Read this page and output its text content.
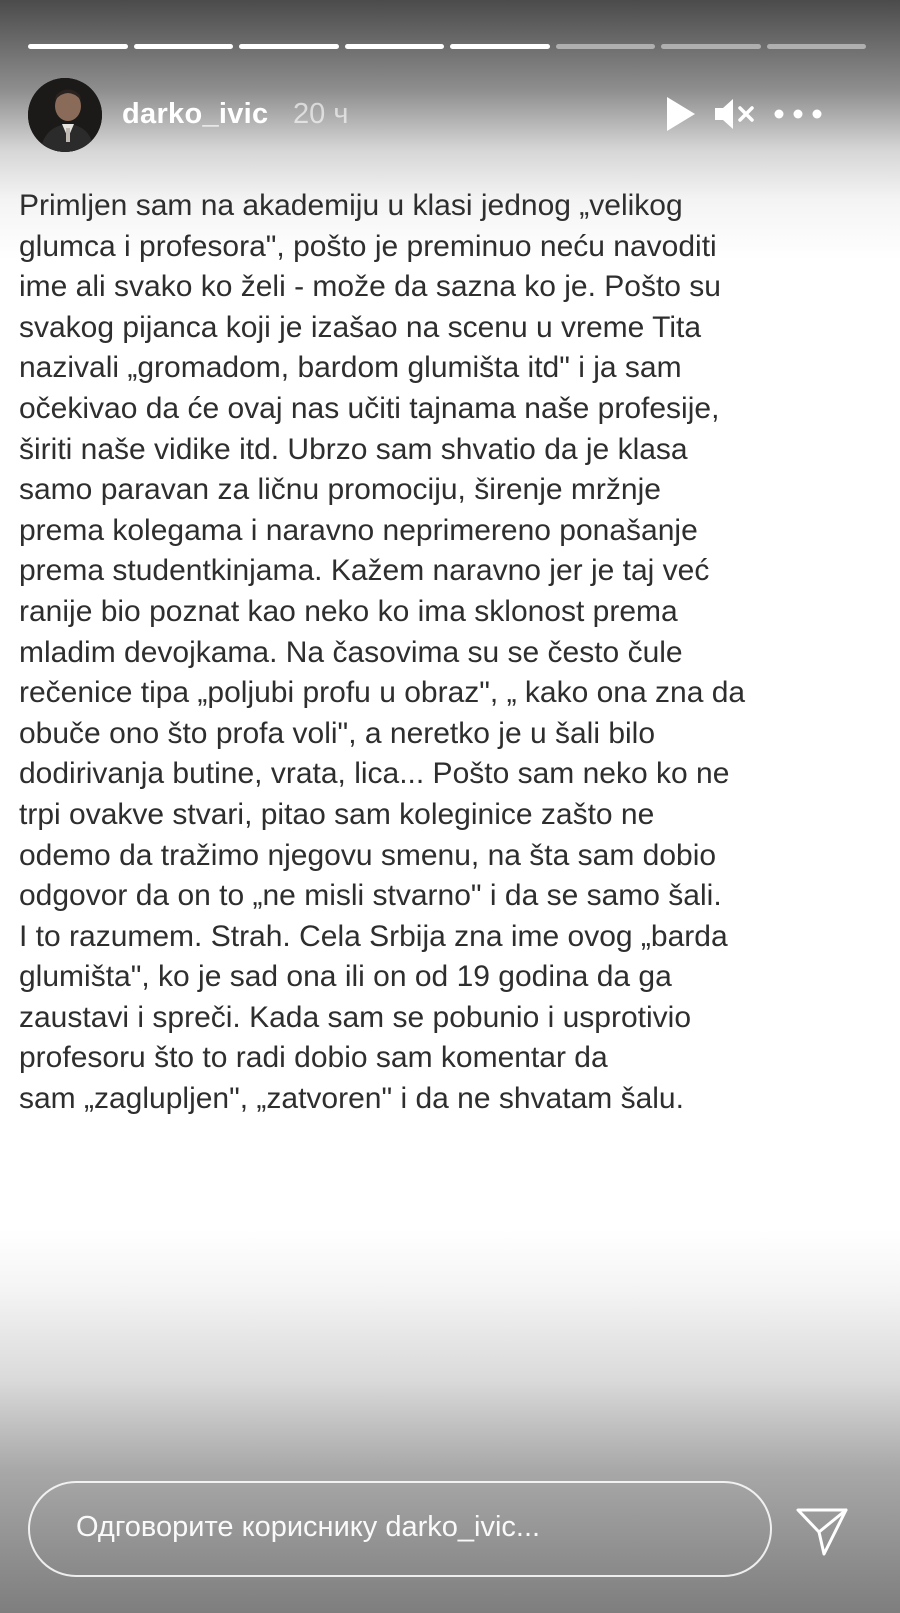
darko_ivic 20 ч

Primljen sam na akademiju u klasi jednog „velikog
glumca i profesora", pošto je preminuo neću navoditi
ime ali svako ko želi - može da sazna ko je. Pošto su
svakog pijanca koji je izašao na scenu u vreme Tita
nazivali „gromadom, bardom glumišta itd" i ja sam
očekivao da će ovaj nas učiti tajnama naše profesije,
širiti naše vidike itd. Ubrzo sam shvatio da je klasa
samo paravan za ličnu promociju, širenje mržnje
prema kolegama i naravno neprimereno ponašanje
prema studentkinjama. Kažem naravno jer je taj već
ranije bio poznat kao neko ko ima sklonost prema
mladim devojkama. Na časovima su se često čule
rečenice tipa „poljubi profu u obraz", „ kako ona zna da
obuče ono što profa voli", a neretko je u šali bilo
dodirivanja butine, vrata, lica... Pošto sam neko ko ne
trpi ovakve stvari, pitao sam koleginice zašto ne
odemo da tražimo njegovu smenu, na šta sam dobio
odgovor da on to „ne misli stvarno" i da se samo šali.
I to razumem. Strah. Cela Srbija zna ime ovog „barda
glumišta", ko je sad ona ili on od 19 godina da ga
zaustavi i spreči. Kada sam se pobunio i usprotivio
profesoru što to radi dobio sam komentar da
sam „zaglupljen", „zatvoren" i da ne shvatam šalu.

Одговорите кориснику darko_ivic...
